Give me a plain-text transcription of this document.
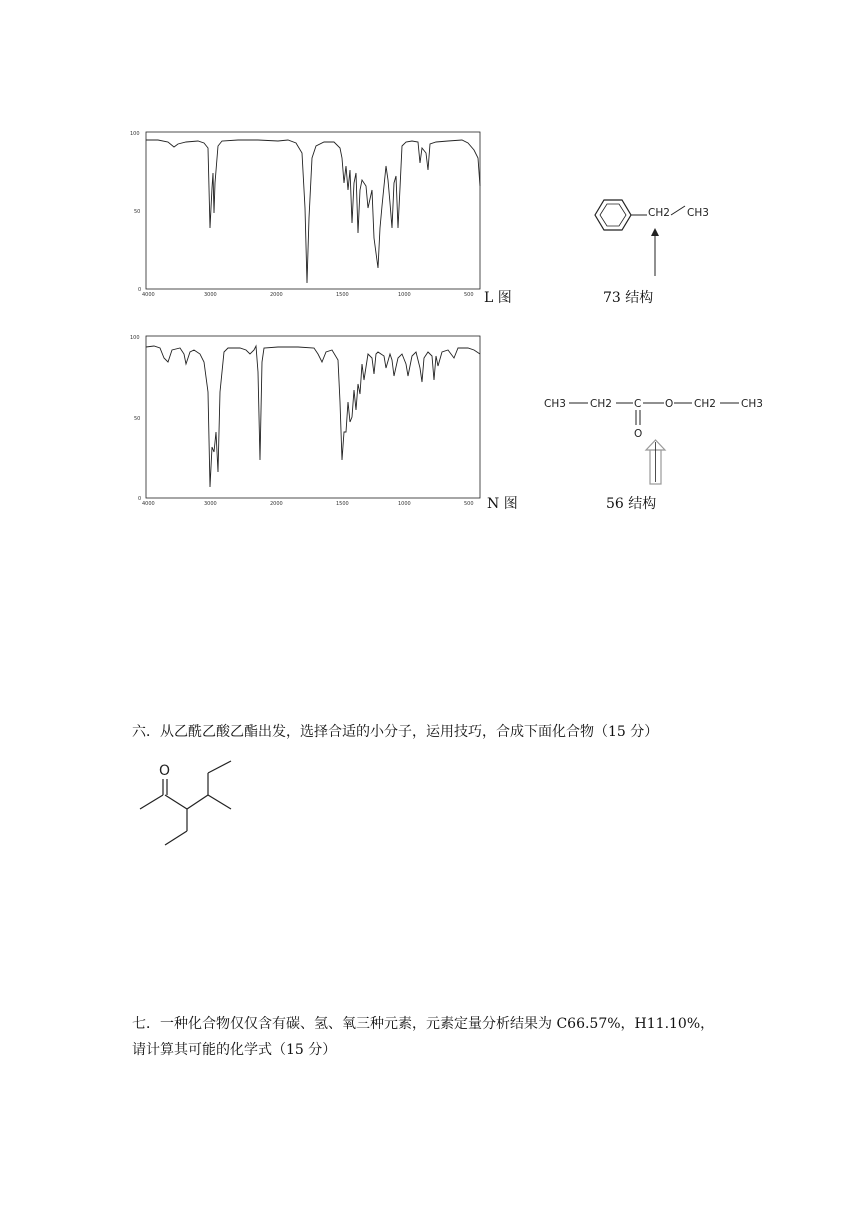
100
50
0
4000	3000	2000	1500	1000	500 L 图
CH2 CH3
73 结构
100
50
0
4000	3000	2000	1500	1000	500 N 图
CH3 CH2 C O CH2 CH3
O
56 结构
六．从乙酰乙酸乙酯出发，选择合适的小分子，运用技巧，合成下面化合物（15 分）
O
七．一种化合物仅仅含有碳、氢、氧三种元素，元素定量分析结果为 C66.57%，H11.10%，
请计算其可能的化学式（15 分）
